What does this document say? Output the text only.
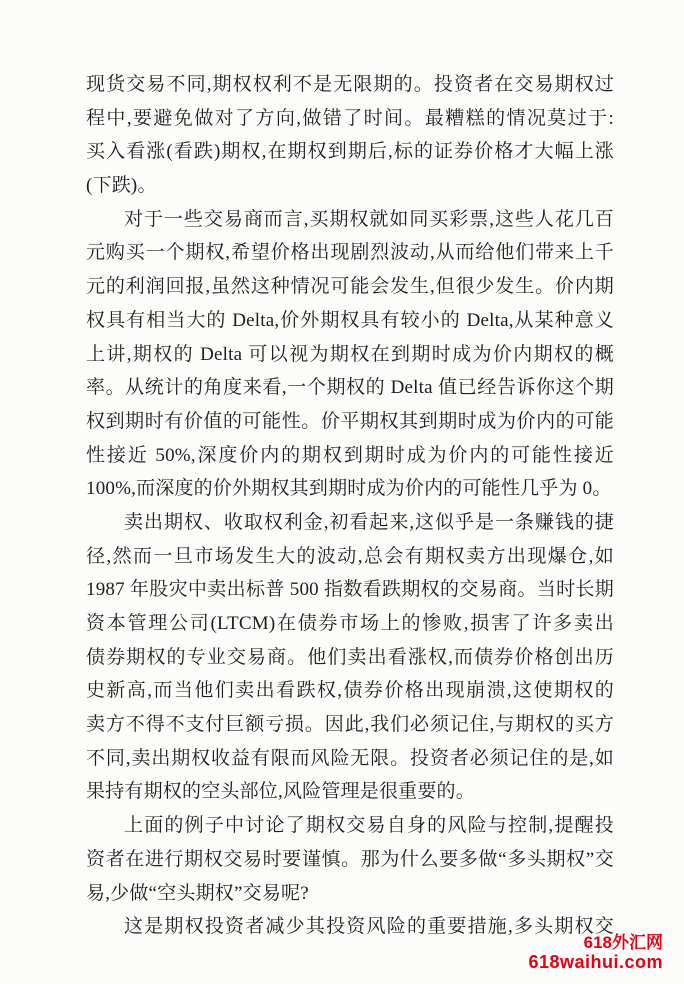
现货交易不同,期权权利不是无限期的。投资者在交易期权过
程中,要避免做对了方向,做错了时间。最糟糕的情况莫过于:
买入看涨(看跌)期权,在期权到期后,标的证券价格才大幅上涨
(下跌)。
对于一些交易商而言,买期权就如同买彩票,这些人花几百
元购买一个期权,希望价格出现剧烈波动,从而给他们带来上千
元的利润回报,虽然这种情况可能会发生,但很少发生。价内期
权具有相当大的 Delta,价外期权具有较小的 Delta,从某种意义
上讲,期权的 Delta 可以视为期权在到期时成为价内期权的概
率。从统计的角度来看,一个期权的 Delta 值已经告诉你这个期
权到期时有价值的可能性。价平期权其到期时成为价内的可能
性接近 50%,深度价内的期权到期时成为价内的可能性接近
100%,而深度的价外期权其到期时成为价内的可能性几乎为 0。
卖出期权、收取权利金,初看起来,这似乎是一条赚钱的捷
径,然而一旦市场发生大的波动,总会有期权卖方出现爆仓,如
1987 年股灾中卖出标普 500 指数看跌期权的交易商。当时长期
资本管理公司(LTCM)在债券市场上的惨败,损害了许多卖出
债券期权的专业交易商。他们卖出看涨权,而债券价格创出历
史新高,而当他们卖出看跌权,债券价格出现崩溃,这使期权的
卖方不得不支付巨额亏损。因此,我们必须记住,与期权的买方
不同,卖出期权收益有限而风险无限。投资者必须记住的是,如
果持有期权的空头部位,风险管理是很重要的。
上面的例子中讨论了期权交易自身的风险与控制,提醒投
资者在进行期权交易时要谨慎。那为什么要多做“多头期权”交
易,少做“空头期权”交易呢?
这是期权投资者减少其投资风险的重要措施,多头期权交
618外汇网
618waihui.com
